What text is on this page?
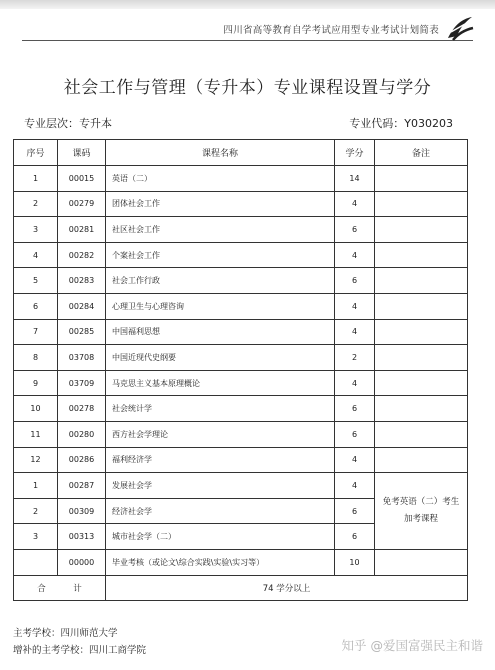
四川省高等教育自学考试应用型专业考试计划简表
社会工作与管理（专升本）专业课程设置与学分
专业层次：专升本	专业代码：Y030203
序号	课码	课程名称	学分	备注
1	00015	英语（二）	14	
2	00279	团体社会工作	4	
3	00281	社区社会工作	6	
4	00282	个案社会工作	4	
5	00283	社会工作行政	6	
6	00284	心理卫生与心理咨询	4	
7	00285	中国福利思想	4	
8	03708	中国近现代史纲要	2	
9	03709	马克思主义基本原理概论	4	
10	00278	社会统计学	6	
11	00280	西方社会学理论	6	
12	00286	福利经济学	4	
1	00287	发展社会学	4	免考英语（二）考生加考课程
2	00309	经济社会学	6	
3	00313	城市社会学（二）	6	
	00000	毕业考核（或论文\综合实践\实验\实习等）	10	
合 计		74 学分以上		
主考学校：四川师范大学
增补的主考学校：四川工商学院	知乎 @爱国富强民主和谐
